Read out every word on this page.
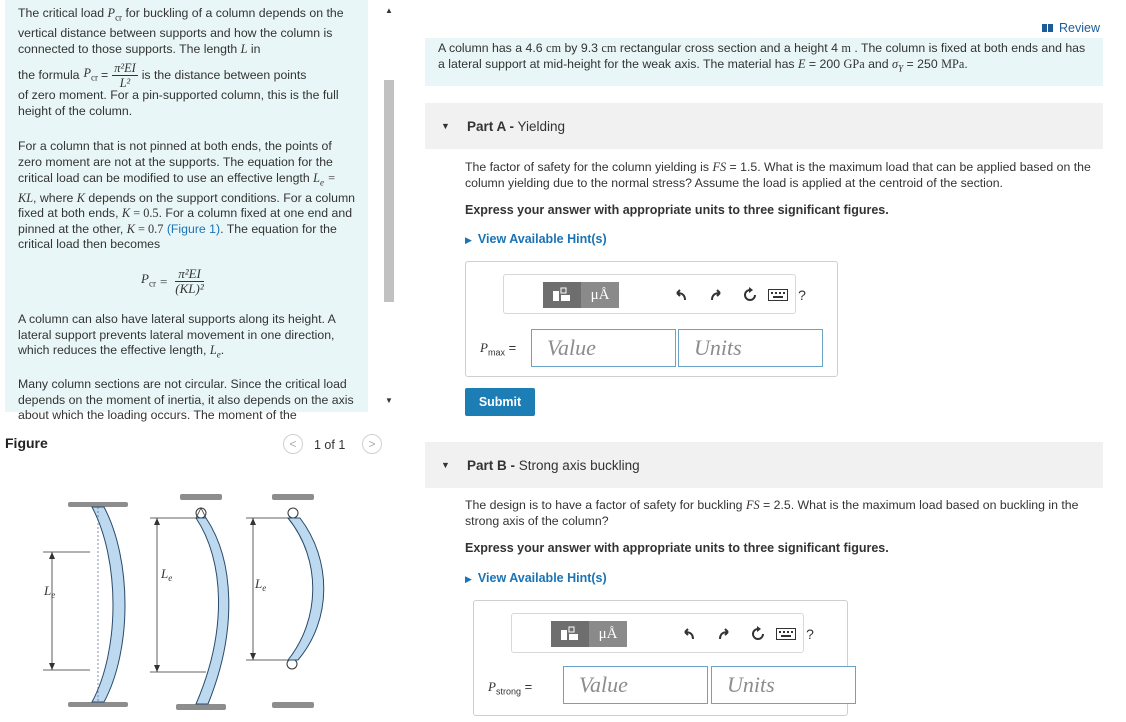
The critical load $P_{cr}$ for buckling of a column depends on the vertical distance between supports and how the column is connected to those supports. The length L in

the formula $P_{cr} = \frac{\text{π²EI}}{\text{L²}}$ is the distance between points

of zero moment. For a pin-supported column, this is the full height of the column.

For a column that is not pinned at both ends, the points of zero moment are not at the supports. The equation for the critical load can be modified to use an effective length $L_e$ = KL, where K depends on the support conditions. For a column fixed at both ends, K = 0.5. For a column fixed at one end and pinned at the other, K = 0.7 (Figure 1). The equation for the critical load then becomes

$P_{cr} = \frac{\text{π²EI}}{\text{(KL)²}}$

A column can also have lateral supports along its height. A lateral support prevents lateral movement in one direction, which reduces the effective length, $L_e$.

Many column sections are not circular. Since the critical load depends on the moment of inertia, it also depends on the axis about which the loading occurs. The moment of the

▲
▼
Figure	<	1 of 1	>
$L_e$
$L_e$	$L_e$
Review
A column has a 4.6 cm by 9.3 cm rectangular cross section and a height 4 m . The column is fixed at both ends and has a lateral support at mid-height for the weak axis. The material has E = 200 GPa and $\sigma_Y = 250$ MPa.
▼ Part A - Yielding
The factor of safety for the column yielding is FS = 1.5. What is the maximum load that can be applied based on the column yielding due to the normal stress? Assume the load is applied at the centroid of the section.
Express your answer with appropriate units to three significant figures.
▶ View Available Hint(s)
μÅ	?
$P_{max}$ =	Value	Units
Submit
▼ Part B - Strong axis buckling
The design is to have a factor of safety for buckling FS = 2.5. What is the maximum load based on buckling in the strong axis of the column?
Express your answer with appropriate units to three significant figures.
▶ View Available Hint(s)
μÅ	?
$P_{strong}$ =	Value	Units
